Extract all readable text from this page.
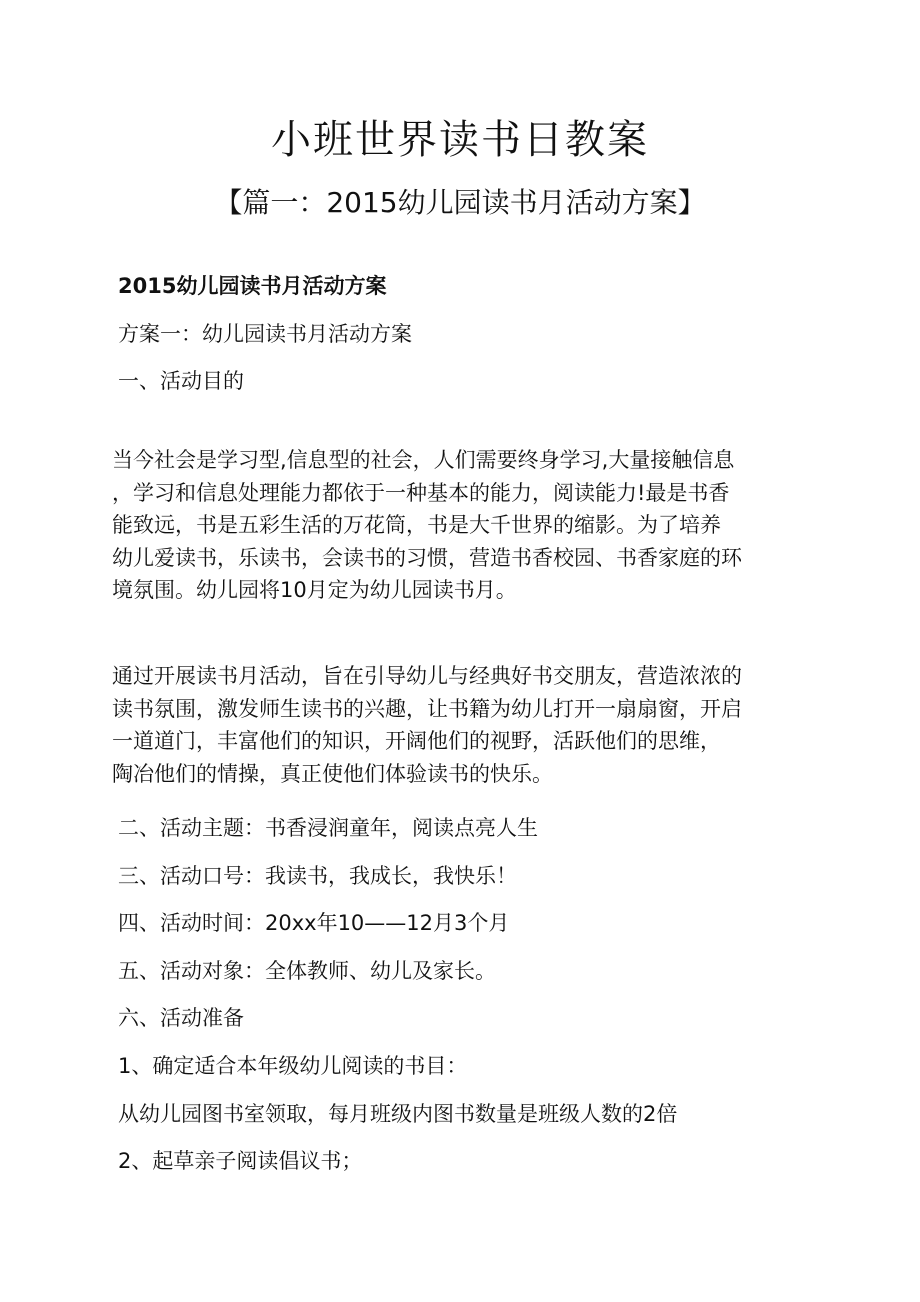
小班世界读书日教案
【篇一：2015幼儿园读书月活动方案】

2015幼儿园读书月活动方案

方案一：幼儿园读书月活动方案

一、活动目的

当今社会是学习型,信息型的社会，人们需要终身学习,大量接触信息
，学习和信息处理能力都依于一种基本的能力，阅读能力!最是书香
能致远，书是五彩生活的万花筒，书是大千世界的缩影。为了培养
幼儿爱读书，乐读书，会读书的习惯，营造书香校园、书香家庭的环
境氛围。幼儿园将10月定为幼儿园读书月。
通过开展读书月活动，旨在引导幼儿与经典好书交朋友，营造浓浓的
读书氛围，激发师生读书的兴趣，让书籍为幼儿打开一扇扇窗，开启
一道道门，丰富他们的知识，开阔他们的视野，活跃他们的思维，
陶冶他们的情操，真正使他们体验读书的快乐。

二、活动主题：书香浸润童年，阅读点亮人生

三、活动口号：我读书，我成长，我快乐！

四、活动时间：20xx年10——12月3个月

五、活动对象：全体教师、幼儿及家长。

六、活动准备

1、确定适合本年级幼儿阅读的书目：

从幼儿园图书室领取，每月班级内图书数量是班级人数的2倍

2、起草亲子阅读倡议书；
